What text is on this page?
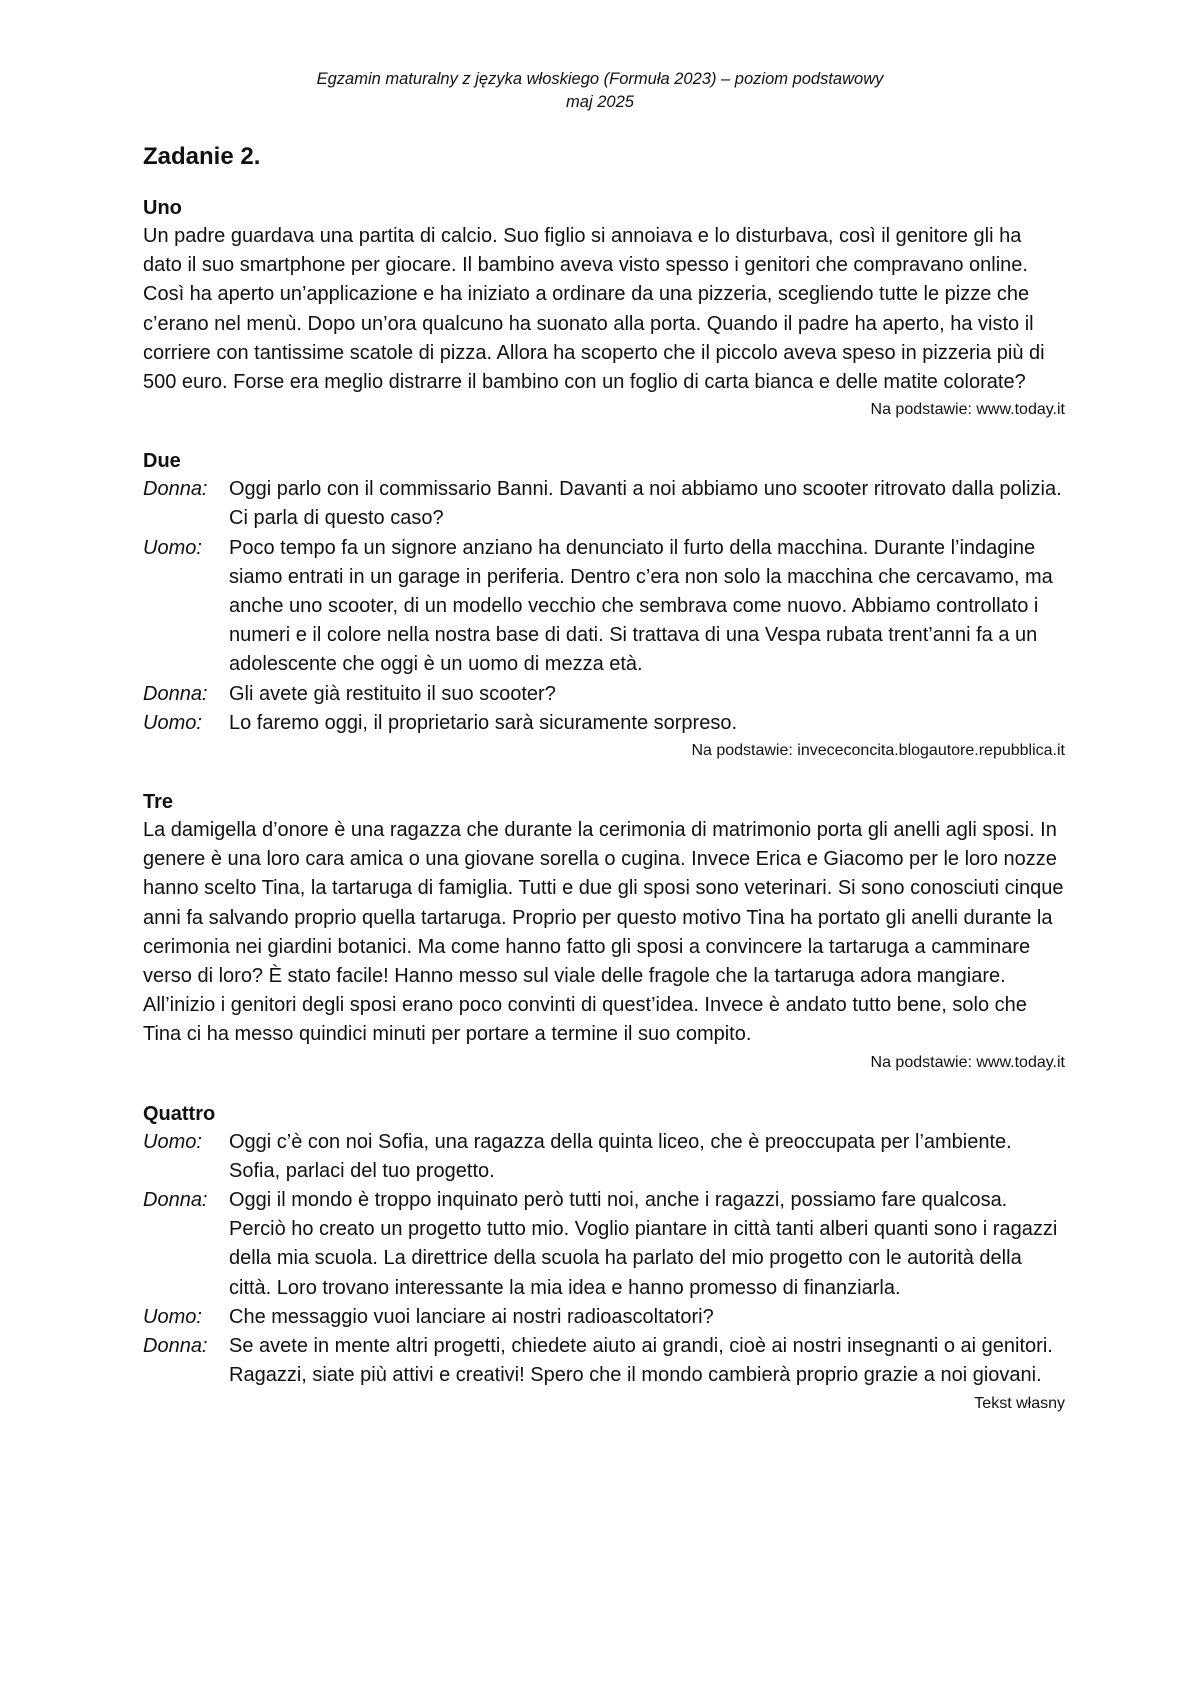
Egzamin maturalny z języka włoskiego (Formuła 2023) – poziom podstawowy
maj 2025
Zadanie 2.
Uno

Un padre guardava una partita di calcio. Suo figlio si annoiava e lo disturbava, così il genitore gli ha dato il suo smartphone per giocare. Il bambino aveva visto spesso i genitori che compravano online. Così ha aperto un’applicazione e ha iniziato a ordinare da una pizzeria, scegliendo tutte le pizze che c’erano nel menù. Dopo un’ora qualcuno ha suonato alla porta. Quando il padre ha aperto, ha visto il corriere con tantissime scatole di pizza. Allora ha scoperto che il piccolo aveva speso in pizzeria più di 500 euro. Forse era meglio distrarre il bambino con un foglio di carta bianca e delle matite colorate?

Na podstawie: www.today.it
Due
Donna:	Oggi parlo con il commissario Banni. Davanti a noi abbiamo uno scooter ritrovato dalla polizia. Ci parla di questo caso?
Uomo:	Poco tempo fa un signore anziano ha denunciato il furto della macchina. Durante l’indagine siamo entrati in un garage in periferia. Dentro c’era non solo la macchina che cercavamo, ma anche uno scooter, di un modello vecchio che sembrava come nuovo. Abbiamo controllato i numeri e il colore nella nostra base di dati. Si trattava di una Vespa rubata trent’anni fa a un adolescente che oggi è un uomo di mezza età.
Donna:	Gli avete già restituito il suo scooter?
Uomo:	Lo faremo oggi, il proprietario sarà sicuramente sorpreso.
Na podstawie: invececoncita.blogautore.repubblica.it
Tre

La damigella d’onore è una ragazza che durante la cerimonia di matrimonio porta gli anelli agli sposi. In genere è una loro cara amica o una giovane sorella o cugina. Invece Erica e Giacomo per le loro nozze hanno scelto Tina, la tartaruga di famiglia. Tutti e due gli sposi sono veterinari. Si sono conosciuti cinque anni fa salvando proprio quella tartaruga. Proprio per questo motivo Tina ha portato gli anelli durante la cerimonia nei giardini botanici. Ma come hanno fatto gli sposi a convincere la tartaruga a camminare verso di loro? È stato facile! Hanno messo sul viale delle fragole che la tartaruga adora mangiare. All’inizio i genitori degli sposi erano poco convinti di quest’idea. Invece è andato tutto bene, solo che Tina ci ha messo quindici minuti per portare a termine il suo compito.

Na podstawie: www.today.it
Quattro
Uomo:	Oggi c’è con noi Sofia, una ragazza della quinta liceo, che è preoccupata per l’ambiente. Sofia, parlaci del tuo progetto.
Donna:	Oggi il mondo è troppo inquinato però tutti noi, anche i ragazzi, possiamo fare qualcosa. Perciò ho creato un progetto tutto mio. Voglio piantare in città tanti alberi quanti sono i ragazzi della mia scuola. La direttrice della scuola ha parlato del mio progetto con le autorità della città. Loro trovano interessante la mia idea e hanno promesso di finanziarla.
Uomo:	Che messaggio vuoi lanciare ai nostri radioascoltatori?
Donna:	Se avete in mente altri progetti, chiedete aiuto ai grandi, cioè ai nostri insegnanti o ai genitori. Ragazzi, siate più attivi e creativi! Spero che il mondo cambierà proprio grazie a noi giovani.
Tekst własny
